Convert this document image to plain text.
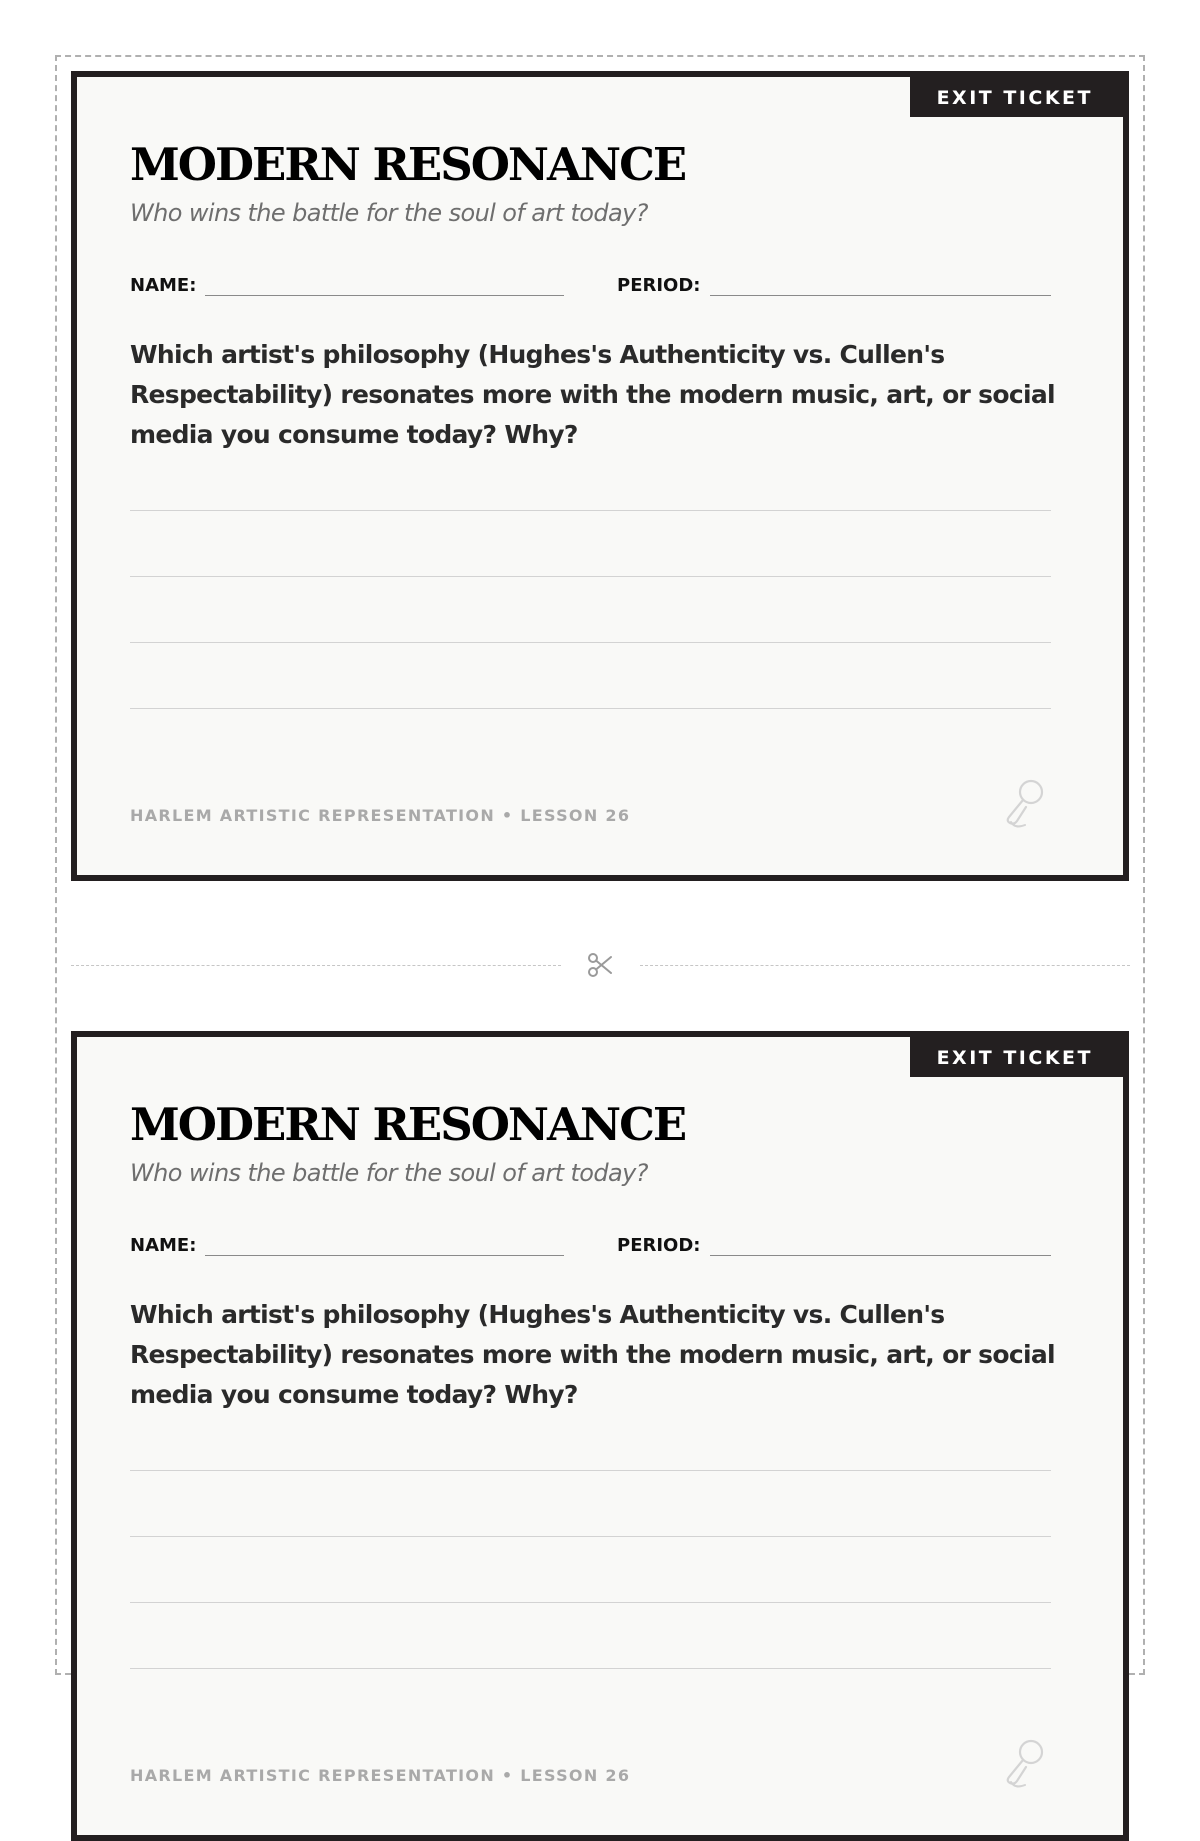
EXIT TICKET
MODERN RESONANCE
Who wins the battle for the soul of art today?
NAME:	PERIOD:
Which artist's philosophy (Hughes's Authenticity vs. Cullen's Respectability) resonates more with the modern music, art, or social media you consume today? Why?
HARLEM ARTISTIC REPRESENTATION • LESSON 26
EXIT TICKET
MODERN RESONANCE
Who wins the battle for the soul of art today?
NAME:	PERIOD:
Which artist's philosophy (Hughes's Authenticity vs. Cullen's Respectability) resonates more with the modern music, art, or social media you consume today? Why?
HARLEM ARTISTIC REPRESENTATION • LESSON 26
